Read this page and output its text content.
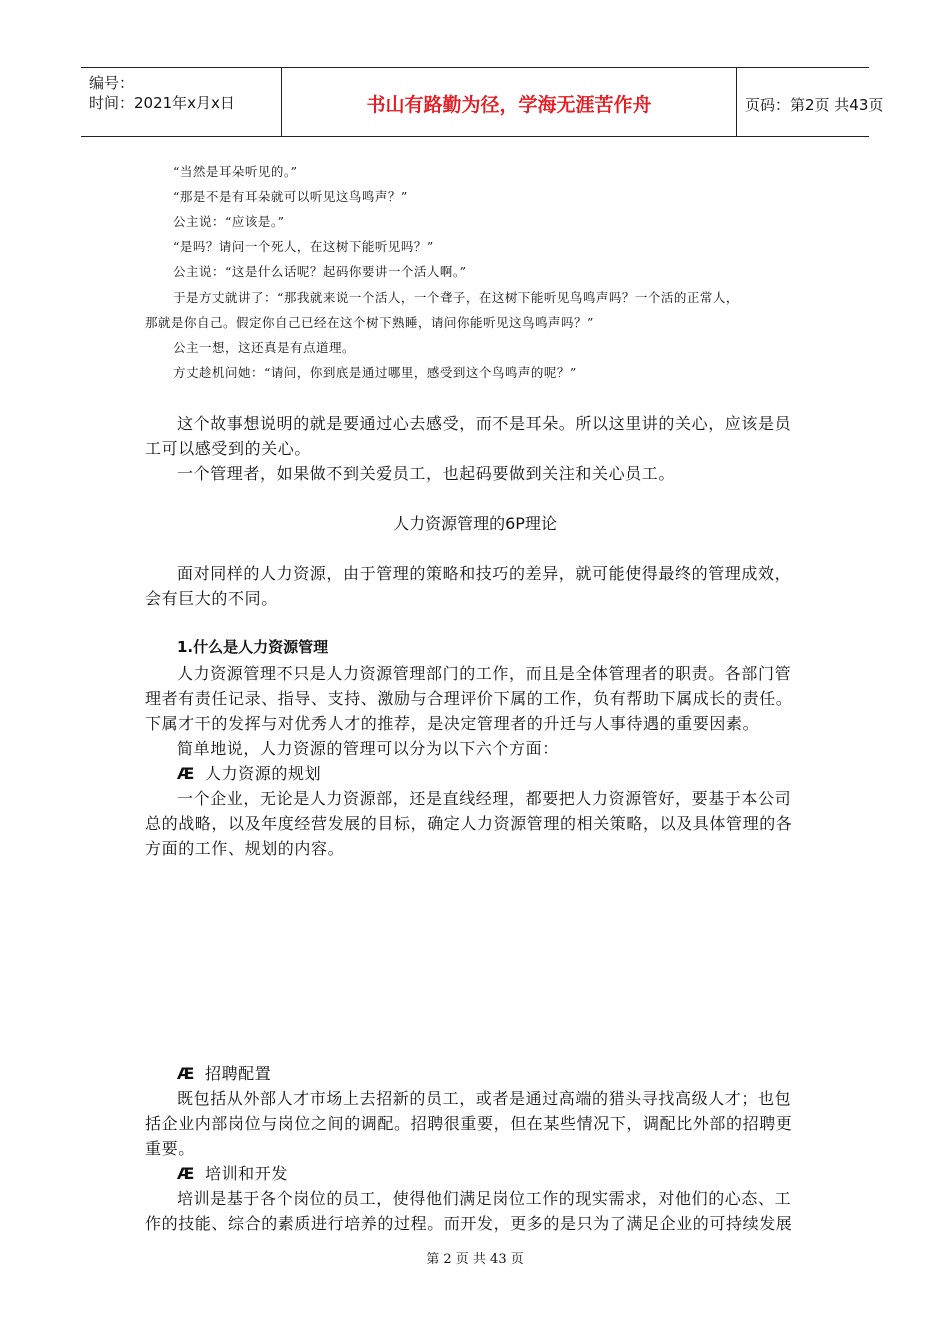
编号：
时间：2021年x月x日	书山有路勤为径，学海无涯苦作舟	页码：第2页 共43页
“当然是耳朵听见的。”
“那是不是有耳朵就可以听见这鸟鸣声？”
公主说：“应该是。”
“是吗？请问一个死人，在这树下能听见吗？”
公主说：“这是什么话呢？起码你要讲一个活人啊。”
于是方丈就讲了：“那我就来说一个活人，一个聋子，在这树下能听见鸟鸣声吗？一个活的正常人，
那就是你自己。假定你自己已经在这个树下熟睡，请问你能听见这鸟鸣声吗？”
公主一想，这还真是有点道理。
方丈趁机问她：“请问，你到底是通过哪里，感受到这个鸟鸣声的呢？”
这个故事想说明的就是要通过心去感受，而不是耳朵。所以这里讲的关心，应该是员
工可以感受到的关心。
一个管理者，如果做不到关爱员工，也起码要做到关注和关心员工。
人力资源管理的6P理论
面对同样的人力资源，由于管理的策略和技巧的差异，就可能使得最终的管理成效，
会有巨大的不同。
1.什么是人力资源管理
人力资源管理不只是人力资源管理部门的工作，而且是全体管理者的职责。各部门管
理者有责任记录、指导、支持、激励与合理评价下属的工作，负有帮助下属成长的责任。
下属才干的发挥与对优秀人才的推荐，是决定管理者的升迁与人事待遇的重要因素。
简单地说，人力资源的管理可以分为以下六个方面：
Æ 人力资源的规划
一个企业，无论是人力资源部，还是直线经理，都要把人力资源管好，要基于本公司
总的战略，以及年度经营发展的目标，确定人力资源管理的相关策略，以及具体管理的各
方面的工作、规划的内容。
Æ 招聘配置
既包括从外部人才市场上去招新的员工，或者是通过高端的猎头寻找高级人才；也包
括企业内部岗位与岗位之间的调配。招聘很重要，但在某些情况下，调配比外部的招聘更
重要。
Æ 培训和开发
培训是基于各个岗位的员工，使得他们满足岗位工作的现实需求，对他们的心态、工
作的技能、综合的素质进行培养的过程。而开发，更多的是只为了满足企业的可持续发展
第 2 页 共 43 页
